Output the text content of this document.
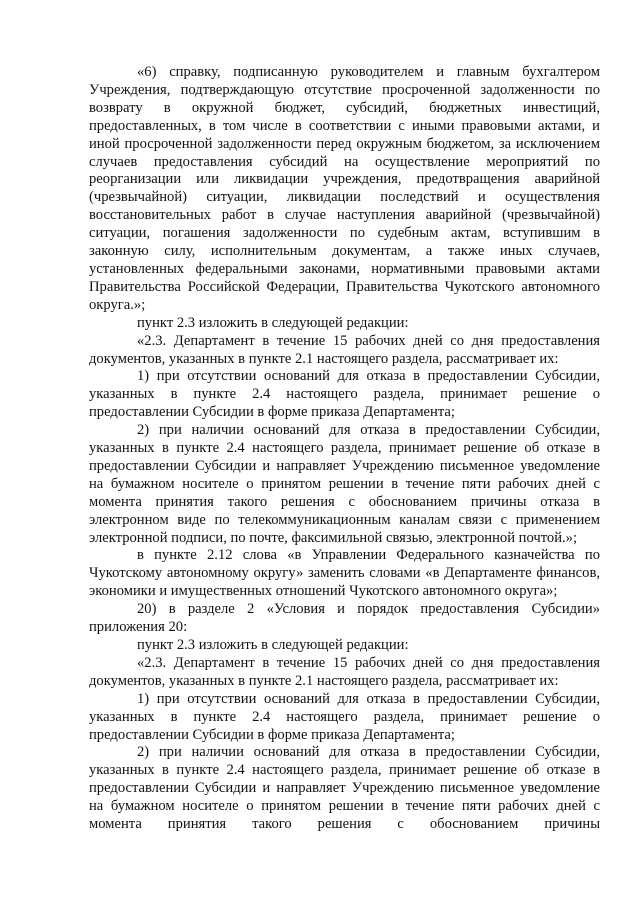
«6) справку, подписанную руководителем и главным бухгалтером Учреждения, подтверждающую отсутствие просроченной задолженности по возврату в окружной бюджет, субсидий, бюджетных инвестиций, предоставленных, в том числе в соответствии с иными правовыми актами, и иной просроченной задолженности перед окружным бюджетом, за исключением случаев предоставления субсидий на осуществление мероприятий по реорганизации или ликвидации учреждения, предотвращения аварийной (чрезвычайной) ситуации, ликвидации последствий и осуществления восстановительных работ в случае наступления аварийной (чрезвычайной) ситуации, погашения задолженности по судебным актам, вступившим в законную силу, исполнительным документам, а также иных случаев, установленных федеральными законами, нормативными правовыми актами Правительства Российской Федерации, Правительства Чукотского автономного округа.»;

пункт 2.3 изложить в следующей редакции:

«2.3. Департамент в течение 15 рабочих дней со дня предоставления документов, указанных в пункте 2.1 настоящего раздела, рассматривает их:

1) при отсутствии оснований для отказа в предоставлении Субсидии, указанных в пункте 2.4 настоящего раздела, принимает решение о предоставлении Субсидии в форме приказа Департамента;

2) при наличии оснований для отказа в предоставлении Субсидии, указанных в пункте 2.4 настоящего раздела, принимает решение об отказе в предоставлении Субсидии и направляет Учреждению письменное уведомление на бумажном носителе о принятом решении в течение пяти рабочих дней с момента принятия такого решения с обоснованием причины отказа в электронном виде по телекоммуникационным каналам связи с применением электронной подписи, по почте, факсимильной связью, электронной почтой.»;

в пункте 2.12 слова «в Управлении Федерального казначейства по Чукотскому автономному округу» заменить словами «в Департаменте финансов, экономики и имущественных отношений Чукотского автономного округа»;

20) в разделе 2 «Условия и порядок предоставления Субсидии» приложения 20:

пункт 2.3 изложить в следующей редакции:

«2.3. Департамент в течение 15 рабочих дней со дня предоставления документов, указанных в пункте 2.1 настоящего раздела, рассматривает их:

1) при отсутствии оснований для отказа в предоставлении Субсидии, указанных в пункте 2.4 настоящего раздела, принимает решение о предоставлении Субсидии в форме приказа Департамента;

2) при наличии оснований для отказа в предоставлении Субсидии, указанных в пункте 2.4 настоящего раздела, принимает решение об отказе в предоставлении Субсидии и направляет Учреждению письменное уведомление на бумажном носителе о принятом решении в течение пяти рабочих дней с момента принятия такого решения с обоснованием причины
